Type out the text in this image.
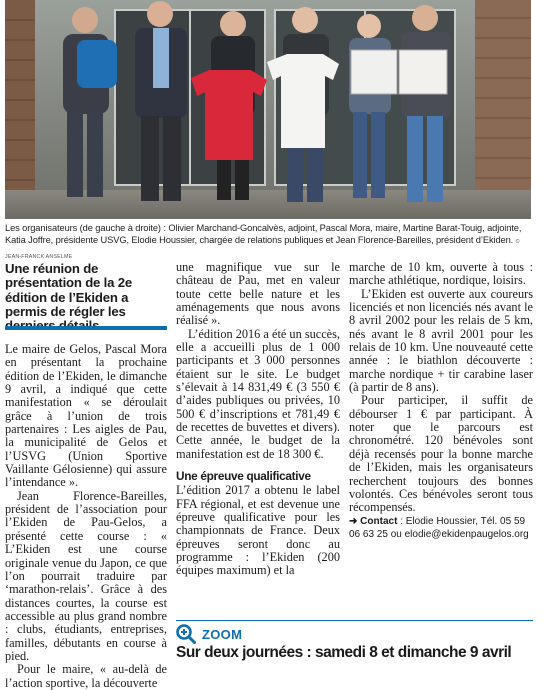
Les organisateurs (de gauche à droite) : Olivier Marchand-Goncalvès, adjoint, Pascal Mora, maire, Martine Barat-Touig, adjointe, Katia Joffre, présidente USVG, Elodie Houssier, chargée de relations publiques et Jean Florence-Bareilles, président d’Ekiden. © JEAN-FRANCK ANSELME
Une réunion de présentation de la 2e édition de l’Ekiden a permis de régler les

Le maire de Gelos, Pascal Mora en présentant la prochaine édition de l’Ekiden, le dimanche 9 avril, a indiqué que cette manifestation « se déroulait grâce à l’union de trois partenaires : Les aigles de Pau, la municipalité de Gelos et l’USVG (Union Sportive Vaillante Gélosienne) qui assure l’intendance ».

Jean Florence-Bareilles, président de l’association pour l’Ekiden de Pau-Gelos, a présenté cette course : « L’Ekiden est une course originale venue du Japon, ce que l’on pourrait traduire par ‘marathon-relais’. Grâce à des distances courtes, la course est accessible au plus grand nombre : clubs, étudiants, entreprises, familles, débutants en course à pied.

Pour le maire, « au-delà de l’action sportive, la découverte

une magnifique vue sur le château de Pau, met en valeur toute cette belle nature et les aménagements que nous avons réalisé ».

L’édition 2016 a été un succès, elle a accueilli plus de 1 000 participants et 3 000 personnes étaient sur le site. Le budget s’élevait à 14 831,49 € (3 550 € d’aides publiques ou privées, 10 500 € d’inscriptions et 781,49 € de recettes de buvettes et divers). Cette année, le budget de la manifestation est de 18 300 €.

Une épreuve qualificative

L’édition 2017 a obtenu le label FFA régional, et est devenue une épreuve qualificative pour les championnats de France. Deux épreuves seront donc au programme : l’Ekiden (200 équipes maximum) et la

marche de 10 km, ouverte à tous : marche athlétique, nordique, loisirs.

L’Ekiden est ouverte aux coureurs licenciés et non licenciés nés avant le 8 avril 2002 pour les relais de 5 km, nés avant le 8 avril 2001 pour les relais de 10 km. Une nouveauté cette année : le biathlon découverte : marche nordique + tir carabine laser (à partir de 8 ans).

Pour participer, il suffit de débourser 1 € par participant. À noter que le parcours est chronométré. 120 bénévoles sont déjà recensés pour la bonne marche de l’Ekiden, mais les organisateurs recherchent toujours des bonnes volontés. Ces bénévoles seront tous récompensés.

➜ Contact : Elodie Houssier, Tél. 05 59 06 63 25 ou elodie@ekidenpaugelos.org
ZOOM
Sur deux journées : samedi 8 et dimanche 9 avril
